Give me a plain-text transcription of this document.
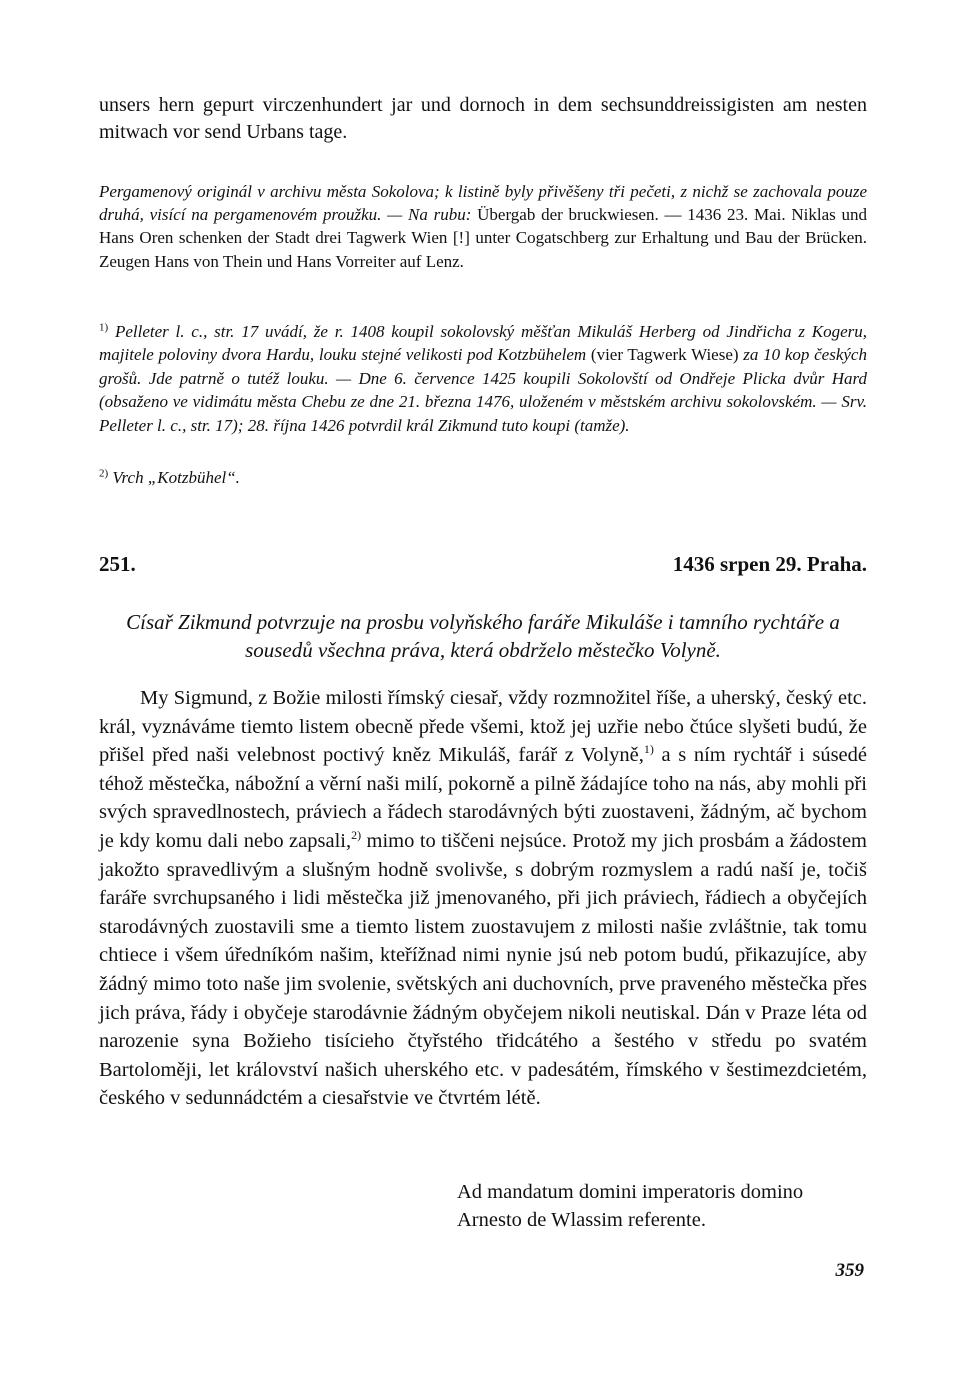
unsers hern gepurt virczenhundert jar und dornoch in dem sechsunddreissigisten am nesten mitwach vor send Urbans tage.

Pergamenový originál v archivu města Sokolova; k listině byly přivěšeny tři pečeti, z nichž se zachovala pouze druhá, visící na pergamenovém proužku. — Na rubu: Übergab der bruckwiesen. — 1436 23. Mai. Niklas und Hans Oren schenken der Stadt drei Tagwerk Wien [!] unter Cogatschberg zur Erhaltung und Bau der Brücken. Zeugen Hans von Thein und Hans Vorreiter auf Lenz.

$^{1)}$ Pelleter l. c., str. 17 uvádí, že r. 1408 koupil sokolovský měšťan Mikuláš Herberg od Jindřicha z Kogeru, majitele poloviny dvora Hardu, louku stejné velikosti pod Kotzbühelem (vier Tagwerk Wiese) za 10 kop českých grošů. Jde patrně o tutéž louku. — Dne 6. července 1425 koupili Sokolovští od Ondřeje Plicka dvůr Hard (obsaženo ve vidimátu města Chebu ze dne 21. března 1476, uloženém v městském archivu sokolovském. — Srv. Pelleter l. c., str. 17); 28. října 1426 potvrdil král Zikmund tuto koupi (tamže).

$^{2)}$ Vrch „Kotzbühel“.

251.	1436 srpen 29. Praha.

Císař Zikmund potvrzuje na prosbu volyňského faráře Mikuláše i tamního rychtáře a sousedů všechna práva, která obdrželo městečko Volyně.

My Sigmund, z Božie milosti římský ciesař, vždy rozmnožitel říše, a uherský, český etc. král, vyznáváme tiemto listem obecně přede všemi, ktož jej uzřie nebo čtúce slyšeti budú, že přišel před naši velebnost poctivý kněz Mikuláš, farář z Volyně,$^{1)}$ a s ním rychtář i súsedé téhož městečka, nábožní a věrní naši milí, pokorně a pilně žádajíce toho na nás, aby mohli při svých spravedlnostech, práviech a řádech starodávných býti zuostaveni, žádným, ač bychom je kdy komu dali nebo zapsali,$^{2)}$ mimo to tiščeni nejsúce. Protož my jich prosbám a žádostem jakožto spravedlivým a slušným hodně svolivše, s dobrým rozmyslem a radú naší je, točiš faráře svrchupsaného i lidi městečka již jmenovaného, při jich práviech, řádiech a obyčejích starodávných zuostavili sme a tiemto listem zuostavujem z milosti našie zvláštnie, tak tomu chtiece i všem úředníkóm našim, kteřížnad nimi nynie jsú neb potom budú, přikazujíce, aby žádný mimo toto naše jim svolenie, světských ani duchovních, prve praveného městečka přes jich práva, řády i obyčeje starodávnie žádným obyčejem nikoli neutiskal. Dán v Praze léta od narozenie syna Božieho tisícieho čtyřstého třidcátého a šestého v středu po svatém Bartoloměji, let království našich uherského etc. v padesátém, římského v šestimezdcietém, českého v sedunnádctém a ciesařstvie ve čtvrtém létě.

Ad mandatum domini imperatoris domino
Arnesto de Wlassim referente.

359
